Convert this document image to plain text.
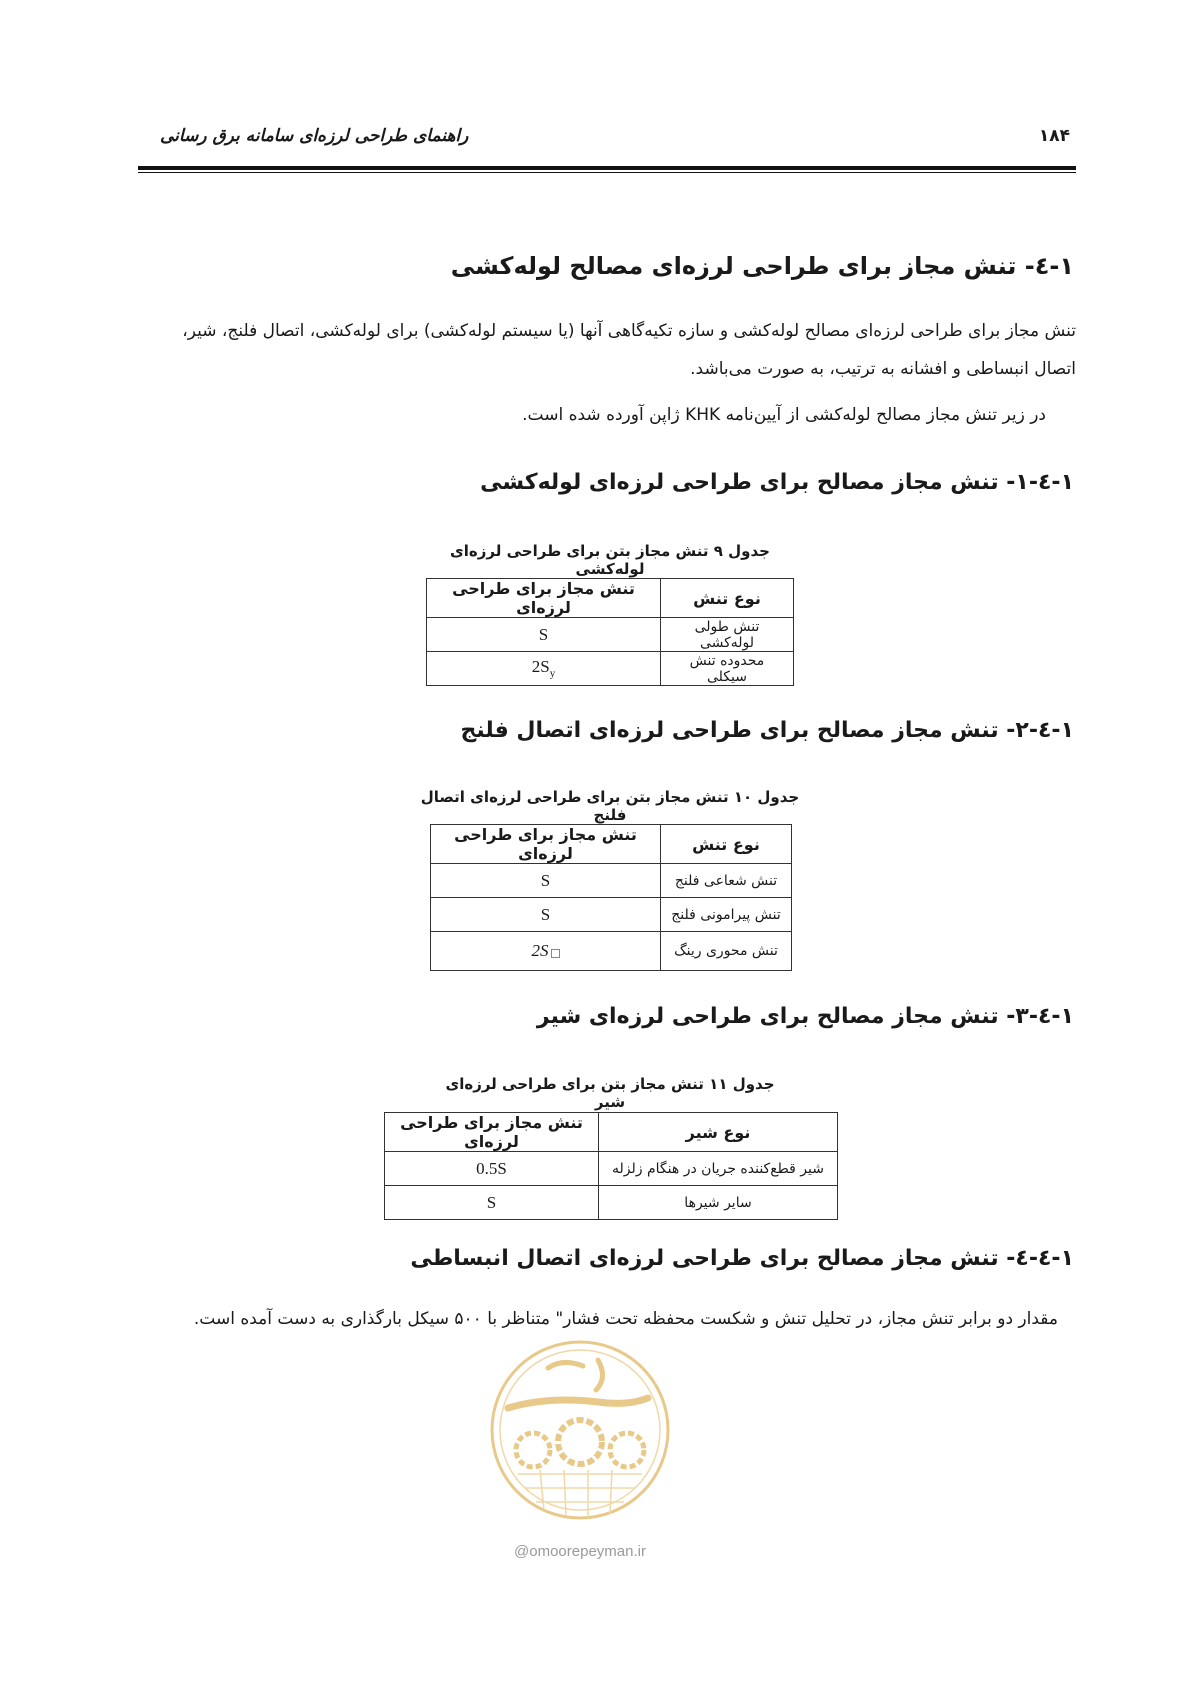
راهنمای طراحی لرزه‌ای سامانه برق رسانی	۱۸۴
۱-٤- تنش مجاز برای طراحی لرزه‌ای مصالح لوله‌کشی
تنش مجاز برای طراحی لرزه‌ای مصالح لوله‌کشی و سازه تکیه‌گاهی آنها (یا سیستم لوله‌کشی) برای لوله‌کشی، اتصال فلنج، شیر، اتصال انبساطی و افشانه به ترتیب، به صورت می‌باشد.
در زیر تنش مجاز مصالح لوله‌کشی از آیین‌نامه KHK ژاپن آورده شده است.
۱-٤-۱- تنش مجاز مصالح برای طراحی لرزه‌ای لوله‌کشی
جدول ۹ تنش مجاز بتن برای طراحی لرزه‌ای لوله‌کشی
نوع تنش	تنش مجاز برای طراحی لرزه‌ای
تنش طولی لوله‌کشی	S
محدوده تنش سیکلی	$2S_y$
۱-٤-۲- تنش مجاز مصالح برای طراحی لرزه‌ای اتصال فلنج
جدول ۱۰ تنش مجاز بتن برای طراحی لرزه‌ای اتصال فلنج
نوع تنش	تنش مجاز برای طراحی لرزه‌ای
تنش شعاعی فلنج	S
تنش پیرامونی فلنج	S
تنش محوری رینگ	2S
۱-٤-۳- تنش مجاز مصالح برای طراحی لرزه‌ای شیر
جدول ۱۱ تنش مجاز بتن برای طراحی لرزه‌ای شیر
نوع شیر	تنش مجاز برای طراحی لرزه‌ای
شیر قطع‌کننده جریان در هنگام زلزله	0.5S
سایر شیرها	S
۱-٤-٤- تنش مجاز مصالح برای طراحی لرزه‌ای اتصال انبساطی
مقدار دو برابر تنش مجاز، در تحلیل تنش و شکست محفظه تحت فشار" متناظر با ۵۰۰ سیکل بارگذاری به دست آمده است.
@omoorepeyman.ir
